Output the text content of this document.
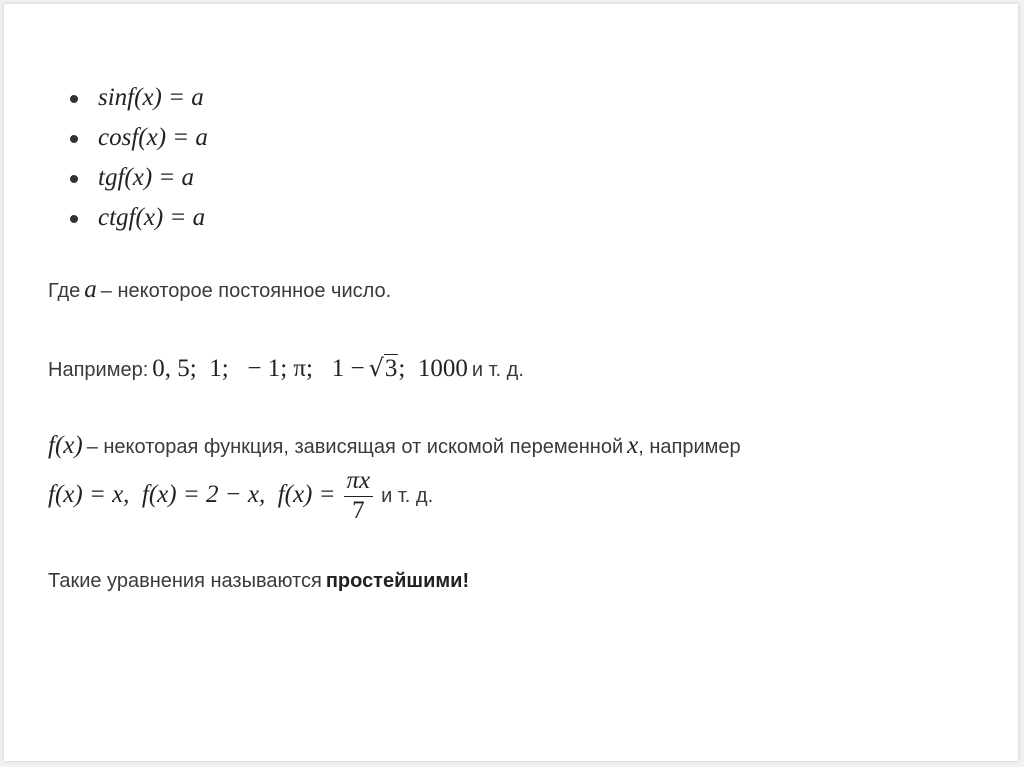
sinf(x) = a
cosf(x) = a
tgf(x) = a
ctgf(x) = a
Где a – некоторое постоянное число.
Например: 0, 5;  1;   − 1; π;   1 − √3;  1000 и т. д.
f(x) – некоторая функция, зависящая от искомой переменной x, например
f(x) = x,  f(x) = 2 − x,  $f(x) = \frac{\pi x}{7}$ и т. д.
Такие уравнения называются простейшими!
